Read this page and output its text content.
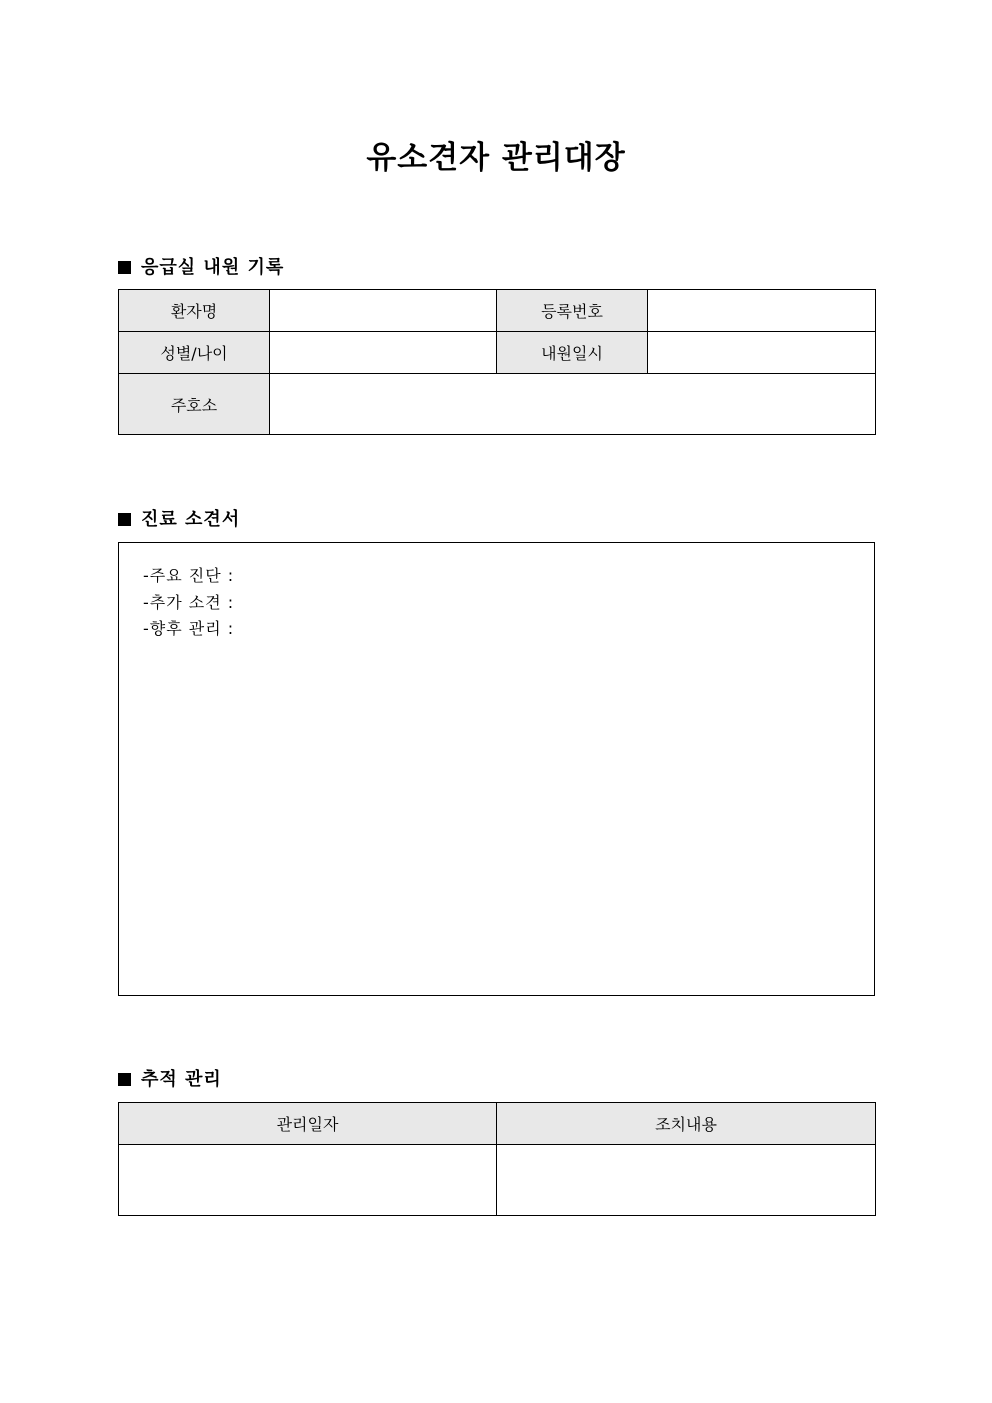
유소견자 관리대장
응급실 내원 기록
환자명		등록번호	
성별/나이		내원일시	
주호소			
진료 소견서
-주요 진단 :
-추가 소견 :
-향후 관리 :
추적 관리
관리일자	조치내용
